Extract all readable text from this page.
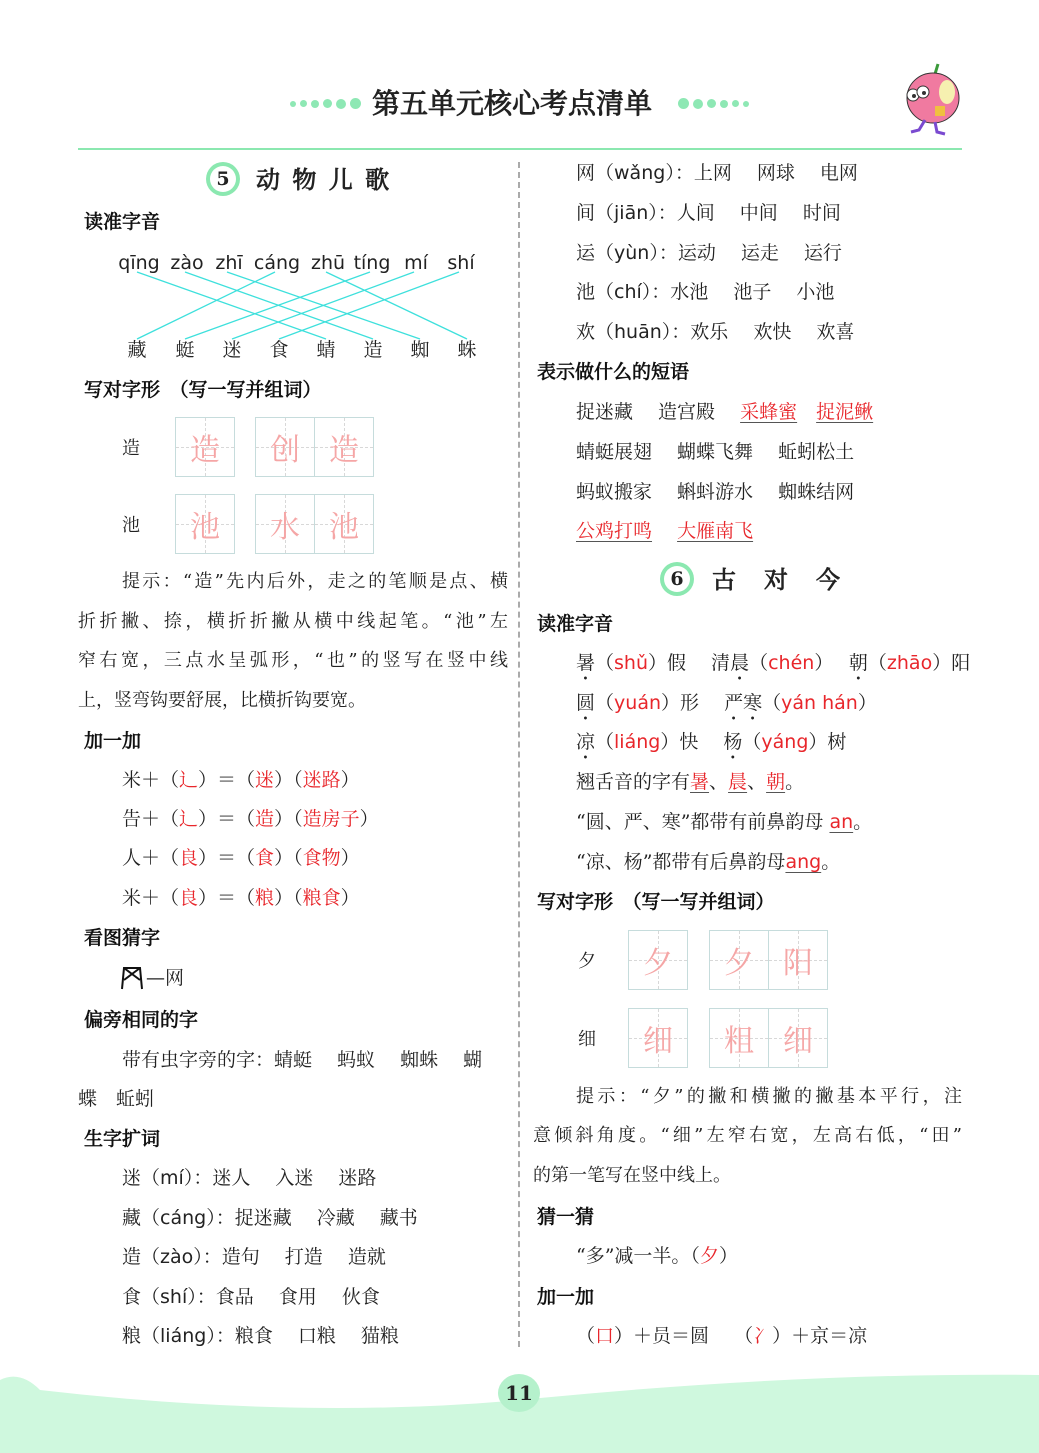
第五单元核心考点清单
5 动 物 儿 歌
读准字音
qīng zào zhī cáng zhū tíng mí	shí
藏 蜓 迷 食 蜻 造 蜘 蛛
写对字形　（写一写并组词）
造 造 创 造
池 池 水 池
提示：“造”先内后外，走之的笔顺是点、横
折折撇、捺，横折折撇从横中线起笔。“池”左
窄右宽，三点水呈弧形，“也”的竖写在竖中线
上，竖弯钩要舒展，比横折钩要宽。
加一加
米＋（辶）＝（迷）（迷路）
告＋（辶）＝（造）（造房子）
人＋（良）＝（食）（食物）
米＋（良）＝（粮）（粮食）
看图猜字
—网
偏旁相同的字
带有虫字旁的字：蜻蜓　 蚂蚁　 蜘蛛　 蝴
蝶　蚯蚓
生字扩词
迷（mí）：迷人　 入迷　 迷路
藏（cáng）：捉迷藏　 冷藏　 藏书
造（zào）：造句　 打造　 造就
食（shí）：食品　 食用　 伙食
粮（liáng）：粮食　 口粮　 猫粮
网（wǎng）：上网　 网球　 电网
间（jiān）：人间　 中间　 时间
运（yùn）：运动　 运走　 运行
池（chí）：水池　 池子　 小池
欢（huān）：欢乐　 欢快　 欢喜
表示做什么的短语
捉迷藏　 造宫殿　 采蜂蜜　 捉泥鳅
蜻蜓展翅　 蝴蝶飞舞　 蚯蚓松土
蚂蚁搬家　 蝌蚪游水　 蜘蛛结网
公鸡打鸣　 大雁南飞
6 古　对　今
读准字音
暑（shǔ）假　 清晨（chén）　 朝（zhāo）阳
圆（yuán）形　 严寒（yán hán）
凉（liáng）快　 杨（yáng）树
翘舌音的字有暑、晨、朝。
“圆、严、寒”都带有前鼻韵母 an。
“凉、杨”都带有后鼻韵母ang。
写对字形　（写一写并组词）
夕 夕 夕 阳
细 细 粗 细
提示：“夕”的撇和横撇的撇基本平行，注
意倾斜角度。“细”左窄右宽，左高右低，“田”
的第一笔写在竖中线上。
猜一猜
“多”减一半。（夕）
加一加
（口）＋员＝圆　 （冫）＋京＝凉
11
